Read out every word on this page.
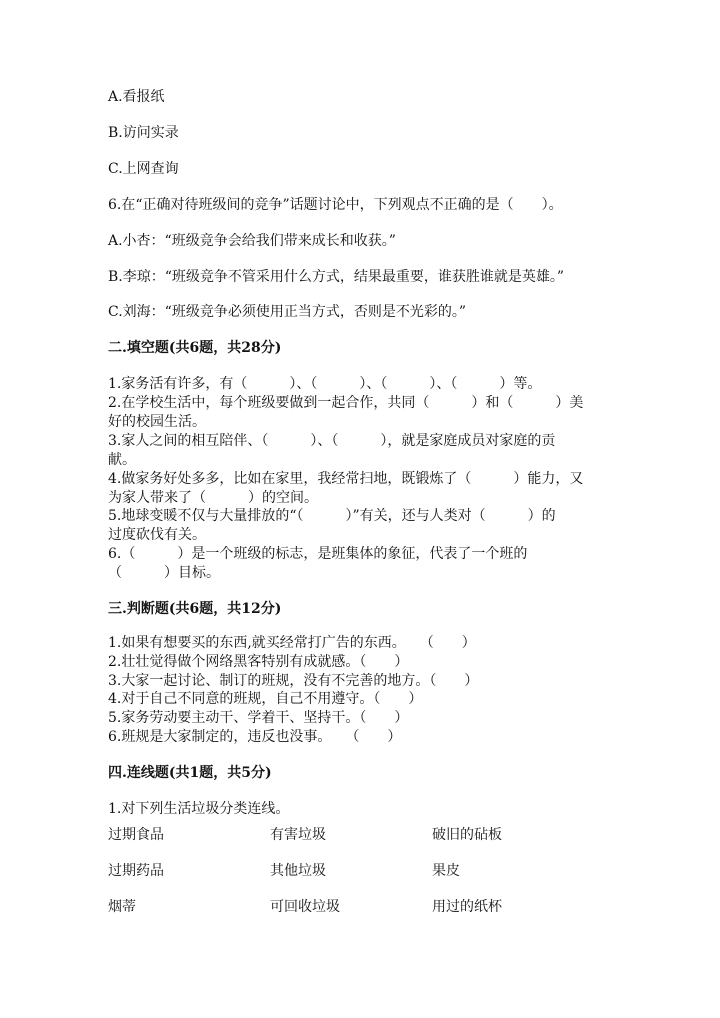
A.看报纸
B.访问实录
C.上网查询
6.在“正确对待班级间的竞争”话题讨论中，下列观点不正确的是（　　）。
A.小杏：“班级竞争会给我们带来成长和收获。”
B.李琼：“班级竞争不管采用什么方式，结果最重要，谁获胜谁就是英雄。”
C.刘海：“班级竞争必须使用正当方式，否则是不光彩的。”
二.填空题(共6题，共28分)
1.家务活有许多，有（　　　）、（　　　）、（　　　）、（　　　）等。
2.在学校生活中，每个班级要做到一起合作，共同（　　　）和（　　　）美
好的校园生活。
3.家人之间的相互陪伴、（　　　）、（　　　），就是家庭成员对家庭的贡
献。
4.做家务好处多多，比如在家里，我经常扫地，既锻炼了（　　　）能力，又
为家人带来了（　　　）的空间。
5.地球变暖不仅与大量排放的“（　　　）”有关，还与人类对（　　　）的
过度砍伐有关。
6.（　　　）是一个班级的标志，是班集体的象征，代表了一个班的
（　　　）目标。
三.判断题(共6题，共12分)
1.如果有想要买的东西,就买经常打广告的东西。　　（　　）
2.壮壮觉得做个网络黑客特别有成就感。（　　）
3.大家一起讨论、制订的班规，没有不完善的地方。（　　）
4.对于自己不同意的班规，自己不用遵守。（　　）
5.家务劳动要主动干、学着干、坚持干。（　　）
6.班规是大家制定的，违反也没事。　　（　　）
四.连线题(共1题，共5分)
1.对下列生活垃圾分类连线。
过期食品	有害垃圾	破旧的砧板
过期药品	其他垃圾	果皮
烟蒂	可回收垃圾	用过的纸杯
